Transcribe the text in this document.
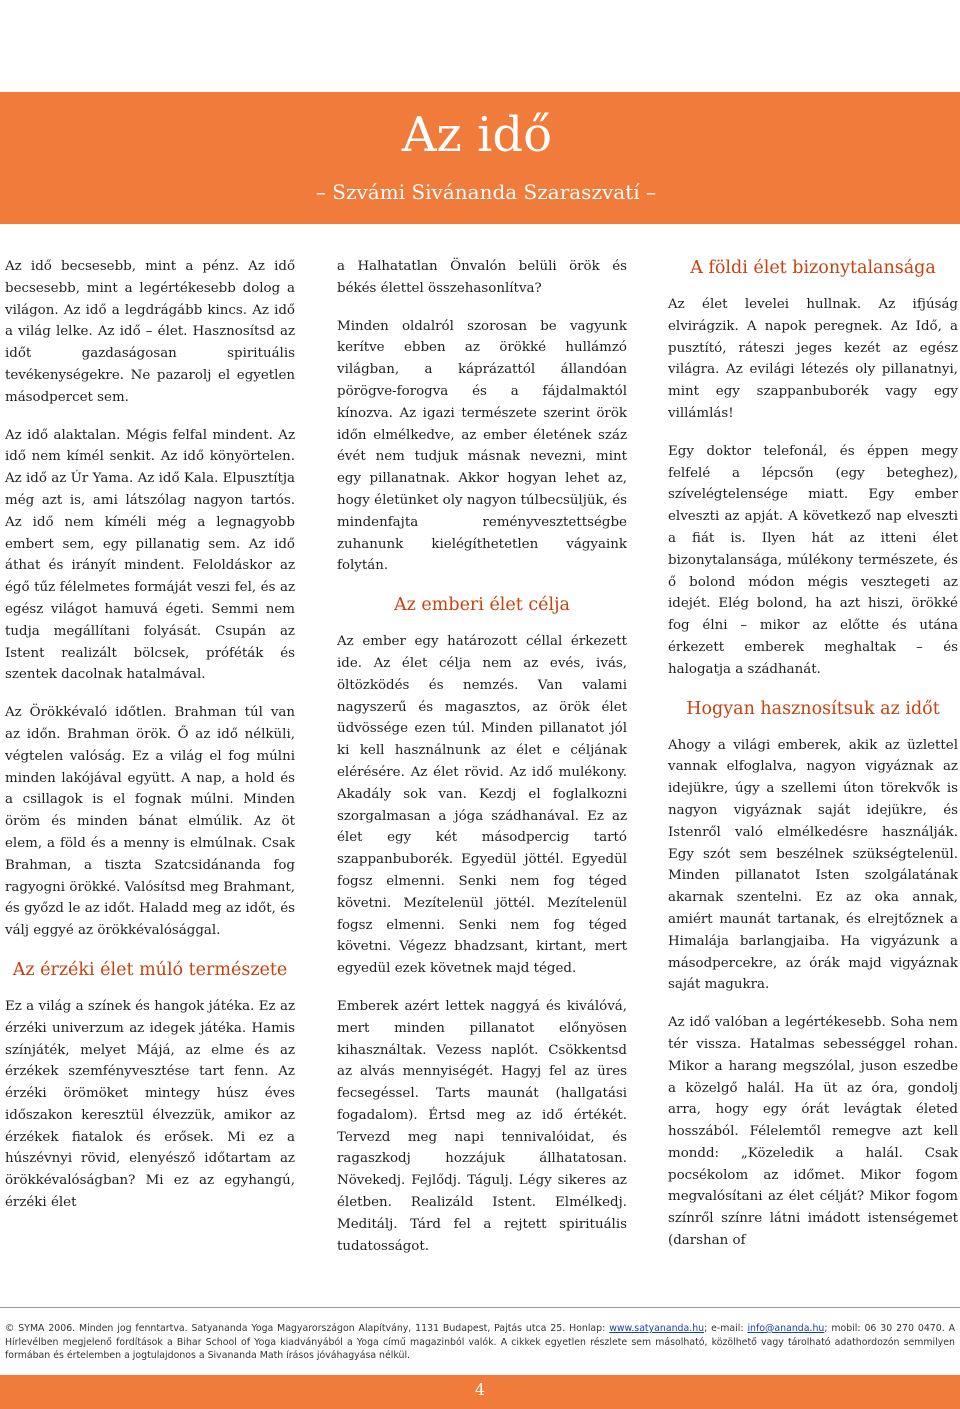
Az idő
– Szvámi Sivánanda Szaraszvatí –

Az idő becsesebb, mint a pénz. Az idő becsesebb, mint a legértékesebb dolog a világon. Az idő a legdrágább kincs. Az idő a világ lelke. Az idő – élet. Hasznosítsd az időt gazdaságosan spirituális tevékenységekre. Ne pazarolj el egyetlen másodpercet sem.

Az idő alaktalan. Mégis felfal mindent. Az idő nem kímél senkit. Az idő könyörtelen. Az idő az Úr Yama. Az idő Kala. Elpusztítja még azt is, ami látszólag nagyon tartós. Az idő nem kíméli még a legnagyobb embert sem, egy pillanatig sem. Az idő áthat és irányít mindent. Feloldáskor az égő tűz félelmetes formáját veszi fel, és az egész világot hamuvá égeti. Semmi nem tudja megállítani folyását. Csupán az Istent realizált bölcsek, próféták és szentek dacolnak hatalmával.

Az Örökkévaló időtlen. Brahman túl van az időn. Brahman örök. Ő az idő nélküli, végtelen valóság. Ez a világ el fog múlni minden lakójával együtt. A nap, a hold és a csillagok is el fognak múlni. Minden öröm és minden bánat elmúlik. Az öt elem, a föld és a menny is elmúlnak. Csak Brahman, a tiszta Szatcsidánanda fog ragyogni örökké. Valósítsd meg Brahmant, és győzd le az időt. Haladd meg az időt, és válj eggyé az örökkévalósággal.

Az érzéki élet múló természete

Ez a világ a színek és hangok játéka. Ez az érzéki univerzum az idegek játéka. Hamis színjáték, melyet Májá, az elme és az érzékek szemfényvesztése tart fenn. Az érzéki örömöket mintegy húsz éves időszakon keresztül élvezzük, amikor az érzékek fiatalok és erősek. Mi ez a húszévnyi rövid, elenyésző időtartam az örökkévalóságban? Mi ez az egyhangú, érzéki élet

a Halhatatlan Önvalón belüli örök és békés élettel összehasonlítva?

Minden oldalról szorosan be vagyunk kerítve ebben az örökké hullámzó világban, a káprázattól állandóan pörögve-forogva és a fájdalmaktól kínozva. Az igazi természete szerint örök időn elmélkedve, az ember életének száz évét nem tudjuk másnak nevezni, mint egy pillanatnak. Akkor hogyan lehet az, hogy életünket oly nagyon túlbecsüljük, és mindenfajta reményvesztettségbe zuhanunk kielégíthetetlen vágyaink folytán.

Az emberi élet célja

Az ember egy határozott céllal érkezett ide. Az élet célja nem az evés, ivás, öltözködés és nemzés. Van valami nagyszerű és magasztos, az örök élet üdvössége ezen túl. Minden pillanatot jól ki kell használnunk az élet e céljának elérésére. Az élet rövid. Az idő mulékony. Akadály sok van. Kezdj el foglalkozni szorgalmasan a jóga szádhanával. Ez az élet egy két másodpercig tartó szappanbuborék. Egyedül jöttél. Egyedül fogsz elmenni. Senki nem fog téged követni. Mezítelenül jöttél. Mezítelenül fogsz elmenni. Senki nem fog téged követni. Végezz bhadzsant, kirtant, mert egyedül ezek követnek majd téged.

Emberek azért lettek naggyá és kiválóvá, mert minden pillanatot előnyösen kihasználtak. Vezess naplót. Csökkentsd az alvás mennyiségét. Hagyj fel az üres fecsegéssel. Tarts maunát (hallgatási fogadalom). Értsd meg az idő értékét. Tervezd meg napi tennivalóidat, és ragaszkodj hozzájuk állhatatosan. Növekedj. Fejlődj. Tágulj. Légy sikeres az életben. Realizáld Istent. Elmélkedj. Meditálj. Tárd fel a rejtett spirituális tudatosságot.

A földi élet bizonytalansága

Az élet levelei hullnak. Az ifjúság elvirágzik. A napok peregnek. Az Idő, a pusztító, ráteszi jeges kezét az egész világra. Az evilági létezés oly pillanatnyi, mint egy szappanbuborék vagy egy villámlás!

Egy doktor telefonál, és éppen megy felfelé a lépcsőn (egy beteghez), szívelégtelensége miatt. Egy ember elveszti az apját. A következő nap elveszti a fiát is. Ilyen hát az itteni élet bizonytalansága, múlékony természete, és ő bolond módon mégis vesztegeti az idejét. Elég bolond, ha azt hiszi, örökké fog élni – mikor az előtte és utána érkezett emberek meghaltak – és halogatja a szádhanát.

Hogyan hasznosítsuk az időt

Ahogy a világi emberek, akik az üzlettel vannak elfoglalva, nagyon vigyáznak az idejükre, úgy a szellemi úton törekvők is nagyon vigyáznak saját idejükre, és Istenről való elmélkedésre használják. Egy szót sem beszélnek szükségtelenül. Minden pillanatot Isten szolgálatának akarnak szentelni. Ez az oka annak, amiért maunát tartanak, és elrejtőznek a Himalája barlangjaiba. Ha vigyázunk a másodpercekre, az órák majd vigyáznak saját magukra.

Az idő valóban a legértékesebb. Soha nem tér vissza. Hatalmas sebességgel rohan. Mikor a harang megszólal, juson eszedbe a közelgő halál. Ha üt az óra, gondolj arra, hogy egy órát levágtak életed hosszából. Félelemtől remegve azt kell mondd: „Közeledik a halál. Csak pocsékolom az időmet. Mikor fogom megvalósítani az élet célját? Mikor fogom színről színre látni imádott istenségemet (darshan of

© SYMA 2006. Minden jog fenntartva. Satyananda Yoga Magyarországon Alapítvány, 1131 Budapest, Pajtás utca 25. Honlap: www.satyananda.hu; e-mail: info@ananda.hu; mobil: 06 30 270 0470. A Hírlevélben megjelenő fordítások a Bihar School of Yoga kiadványából a Yoga című magazinból valók. A cikkek egyetlen részlete sem másolható, közölhető vagy tárolható adathordozón semmilyen formában és értelemben a jogtulajdonos a Sivananda Math írásos jóváhagyása nélkül.
4
